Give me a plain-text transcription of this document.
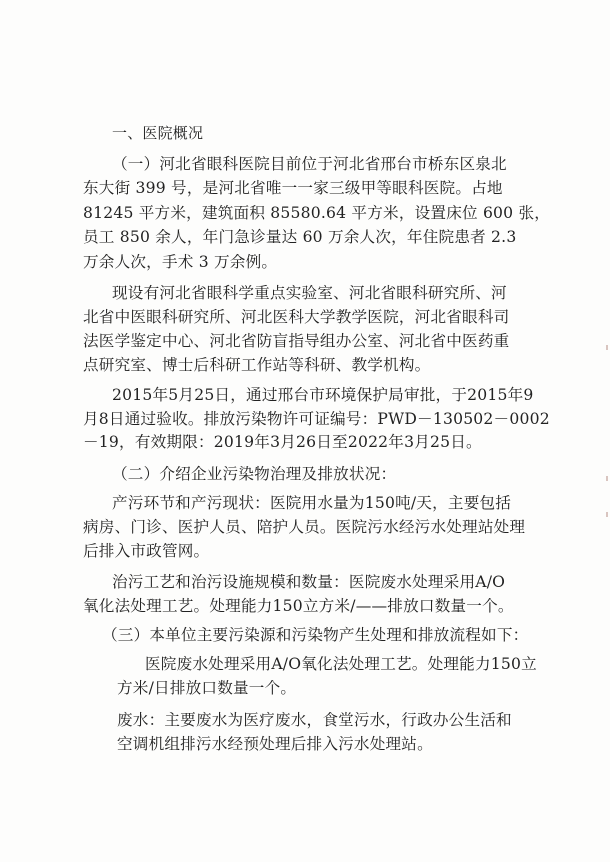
一、医院概况
（一）河北省眼科医院目前位于河北省邢台市桥东区泉北
东大街 399 号，是河北省唯一一家三级甲等眼科医院。占地
81245 平方米，建筑面积 85580.64 平方米，设置床位 600 张，
员工 850 余人，年门急诊量达 60 万余人次，年住院患者 2.3
万余人次，手术 3 万余例。
现设有河北省眼科学重点实验室、河北省眼科研究所、河
北省中医眼科研究所、河北医科大学教学医院，河北省眼科司
法医学鉴定中心、河北省防盲指导组办公室、河北省中医药重
点研究室、博士后科研工作站等科研、教学机构。
2015年5月25日，通过邢台市环境保护局审批，于2015年9
月8日通过验收。排放污染物许可证编号：PWD－130502－0002
－19，有效期限：2019年3月26日至2022年3月25日。
（二）介绍企业污染物治理及排放状况：
产污环节和产污现状：医院用水量为150吨/天，主要包括
病房、门诊、医护人员、陪护人员。医院污水经污水处理站处理
后排入市政管网。
治污工艺和治污设施规模和数量：医院废水处理采用A/O
氧化法处理工艺。处理能力150立方米/——排放口数量一个。
（三）本单位主要污染源和污染物产生处理和排放流程如下：
医院废水处理采用A/O氧化法处理工艺。处理能力150立
方米/日排放口数量一个。
废水：主要废水为医疗废水，食堂污水，行政办公生活和
空调机组排污水经预处理后排入污水处理站。
